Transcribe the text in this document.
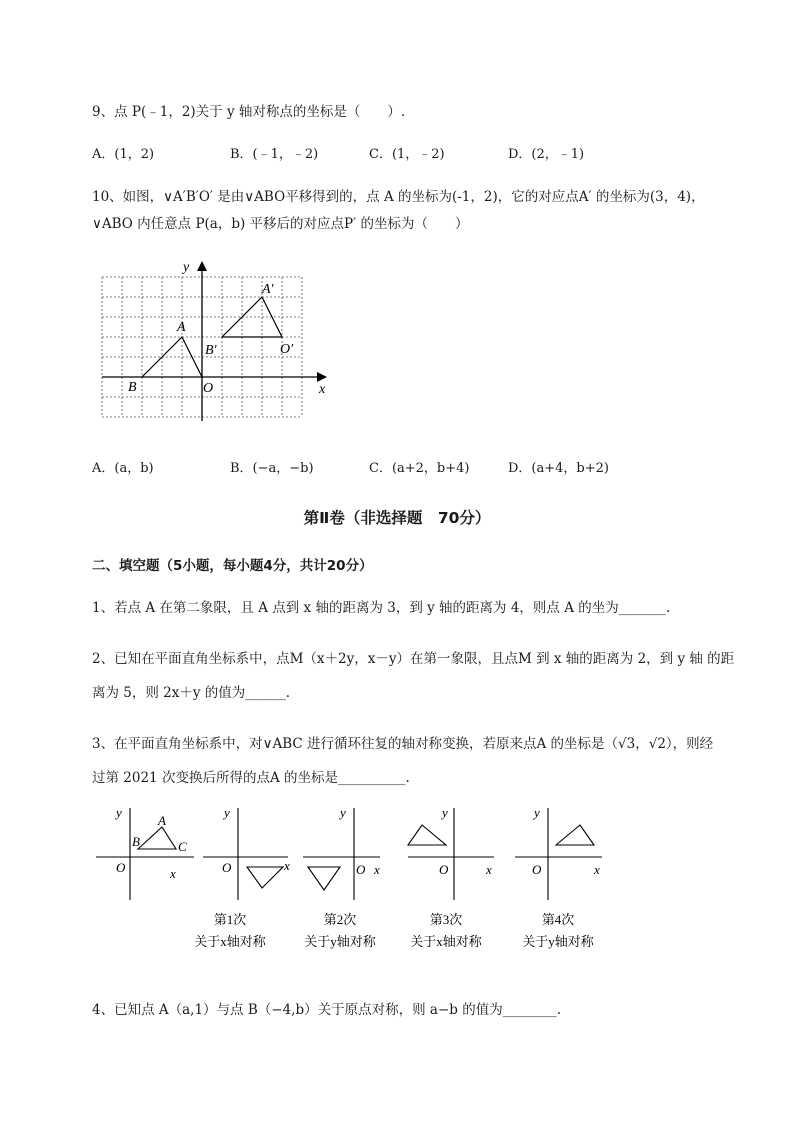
9、点 P(﹣1，2)关于 y 轴对称点的坐标是（　　）.
A．(1，2)	B．(﹣1，﹣2)	C．(1，﹣2)	D．(2，﹣1)
10、如图，∨A′B′O′ 是由∨ABO平移得到的，点 A 的坐标为(-1，2)，它的对应点A′ 的坐标为(3，4)，
∨ABO 内任意点 P(a，b) 平移后的对应点P′ 的坐标为（　　）
y
x
A
B	O
A′
B′	O′
A．(a，b)	B．(−a，−b)	C．(a+2，b+4)	D．(a+4，b+2)
第Ⅱ卷（非选择题　70分）
二、填空题（5小题，每小题4分，共计20分）
1、若点 A 在第二象限，且 A 点到 x 轴的距离为 3，到 y 轴的距离为 4，则点 A 的坐为_______.
2、已知在平面直角坐标系中，点M（x＋2y，x－y）在第一象限，且点M 到 x 轴的距离为 2，到 y 轴 的距
离为 5，则 2x＋y 的值为______.
3、在平面直角坐标系中，对∨ABC 进行循环往复的轴对称变换，若原来点A 的坐标是（√3，√2），则经
过第 2021 次变换后所得的点A 的坐标是__________.
y
O	x
A
B	C
y
O	x
y
O x
y
O	x
y
O	x
第1次
关于x轴对称
第2次
关于y轴对称
第3次
关于x轴对称
第4次
关于y轴对称
4、已知点 A（a,1）与点 B（−4,b）关于原点对称，则 a−b 的值为________.
